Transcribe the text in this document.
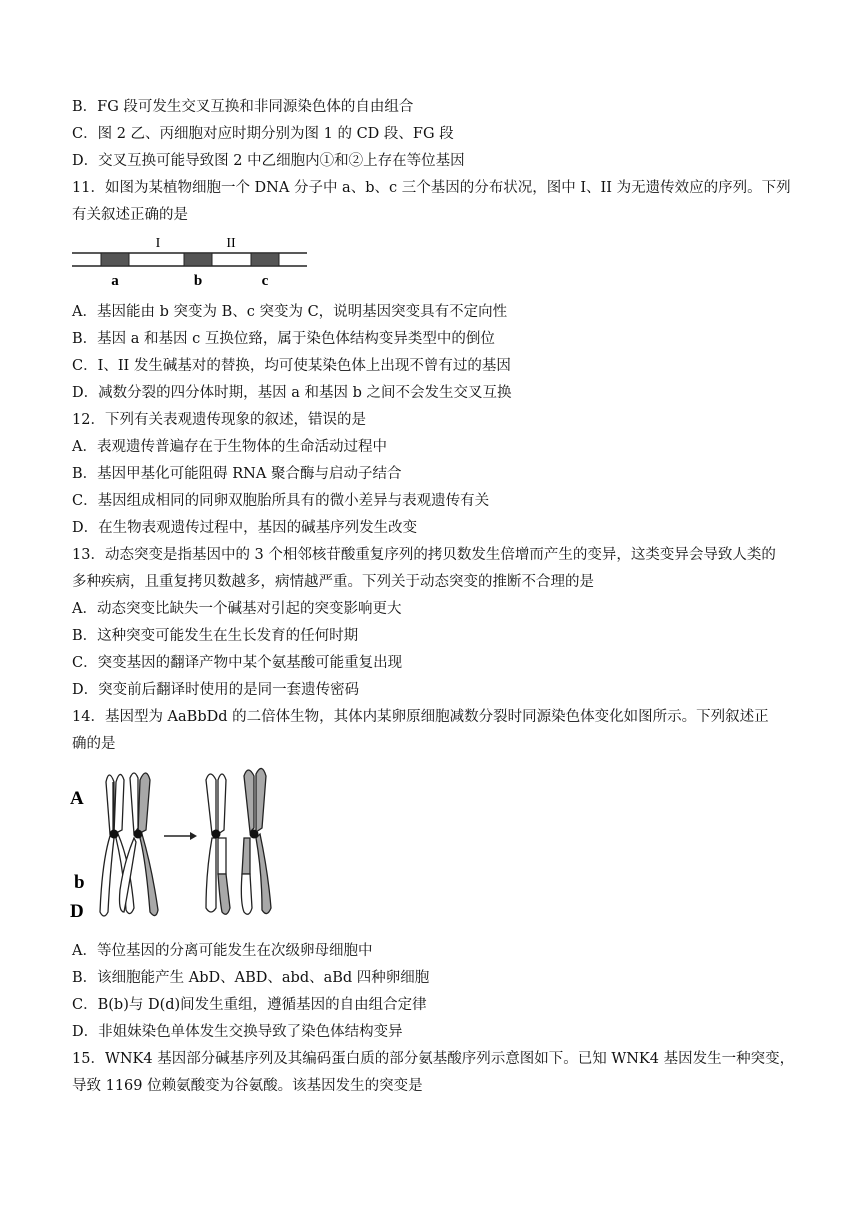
B．FG 段可发生交叉互换和非同源染色体的自由组合
C．图 2 乙、丙细胞对应时期分别为图 1 的 CD 段、FG 段
D．交叉互换可能导致图 2 中乙细胞内①和②上存在等位基因
11．如图为某植物细胞一个 DNA 分子中 a、b、c 三个基因的分布状况，图中 I、II 为无遗传效应的序列。下列
有关叙述正确的是
I	II
a	b	c
A．基因能由 b 突变为 B、c 突变为 C，说明基因突变具有不定向性
B．基因 a 和基因 c 互换位臵，属于染色体结构变异类型中的倒位
C．I、II 发生碱基对的替换，均可使某染色体上出现不曾有过的基因
D．减数分裂的四分体时期，基因 a 和基因 b 之间不会发生交叉互换
12．下列有关表观遗传现象的叙述，错误的是
A．表观遗传普遍存在于生物体的生命活动过程中
B．基因甲基化可能阻碍 RNA 聚合酶与启动子结合
C．基因组成相同的同卵双胞胎所具有的微小差异与表观遗传有关
D．在生物表观遗传过程中，基因的碱基序列发生改变
13．动态突变是指基因中的 3 个相邻核苷酸重复序列的拷贝数发生倍增而产生的变异，这类变异会导致人类的
多种疾病，且重复拷贝数越多，病情越严重。下列关于动态突变的推断不合理的是
A．动态突变比缺失一个碱基对引起的突变影响更大
B．这种突变可能发生在生长发育的任何时期
C．突变基因的翻译产物中某个氨基酸可能重复出现
D．突变前后翻译时使用的是同一套遗传密码
14．基因型为 AaBbDd 的二倍体生物，其体内某卵原细胞减数分裂时同源染色体变化如图所示。下列叙述正
确的是
A
b
D
A．等位基因的分离可能发生在次级卵母细胞中
B．该细胞能产生 AbD、ABD、abd、aBd 四种卵细胞
C．B(b)与 D(d)间发生重组，遵循基因的自由组合定律
D．非姐妹染色单体发生交换导致了染色体结构变异
15．WNK4 基因部分碱基序列及其编码蛋白质的部分氨基酸序列示意图如下。已知 WNK4 基因发生一种突变，
导致 1169 位赖氨酸变为谷氨酸。该基因发生的突变是
